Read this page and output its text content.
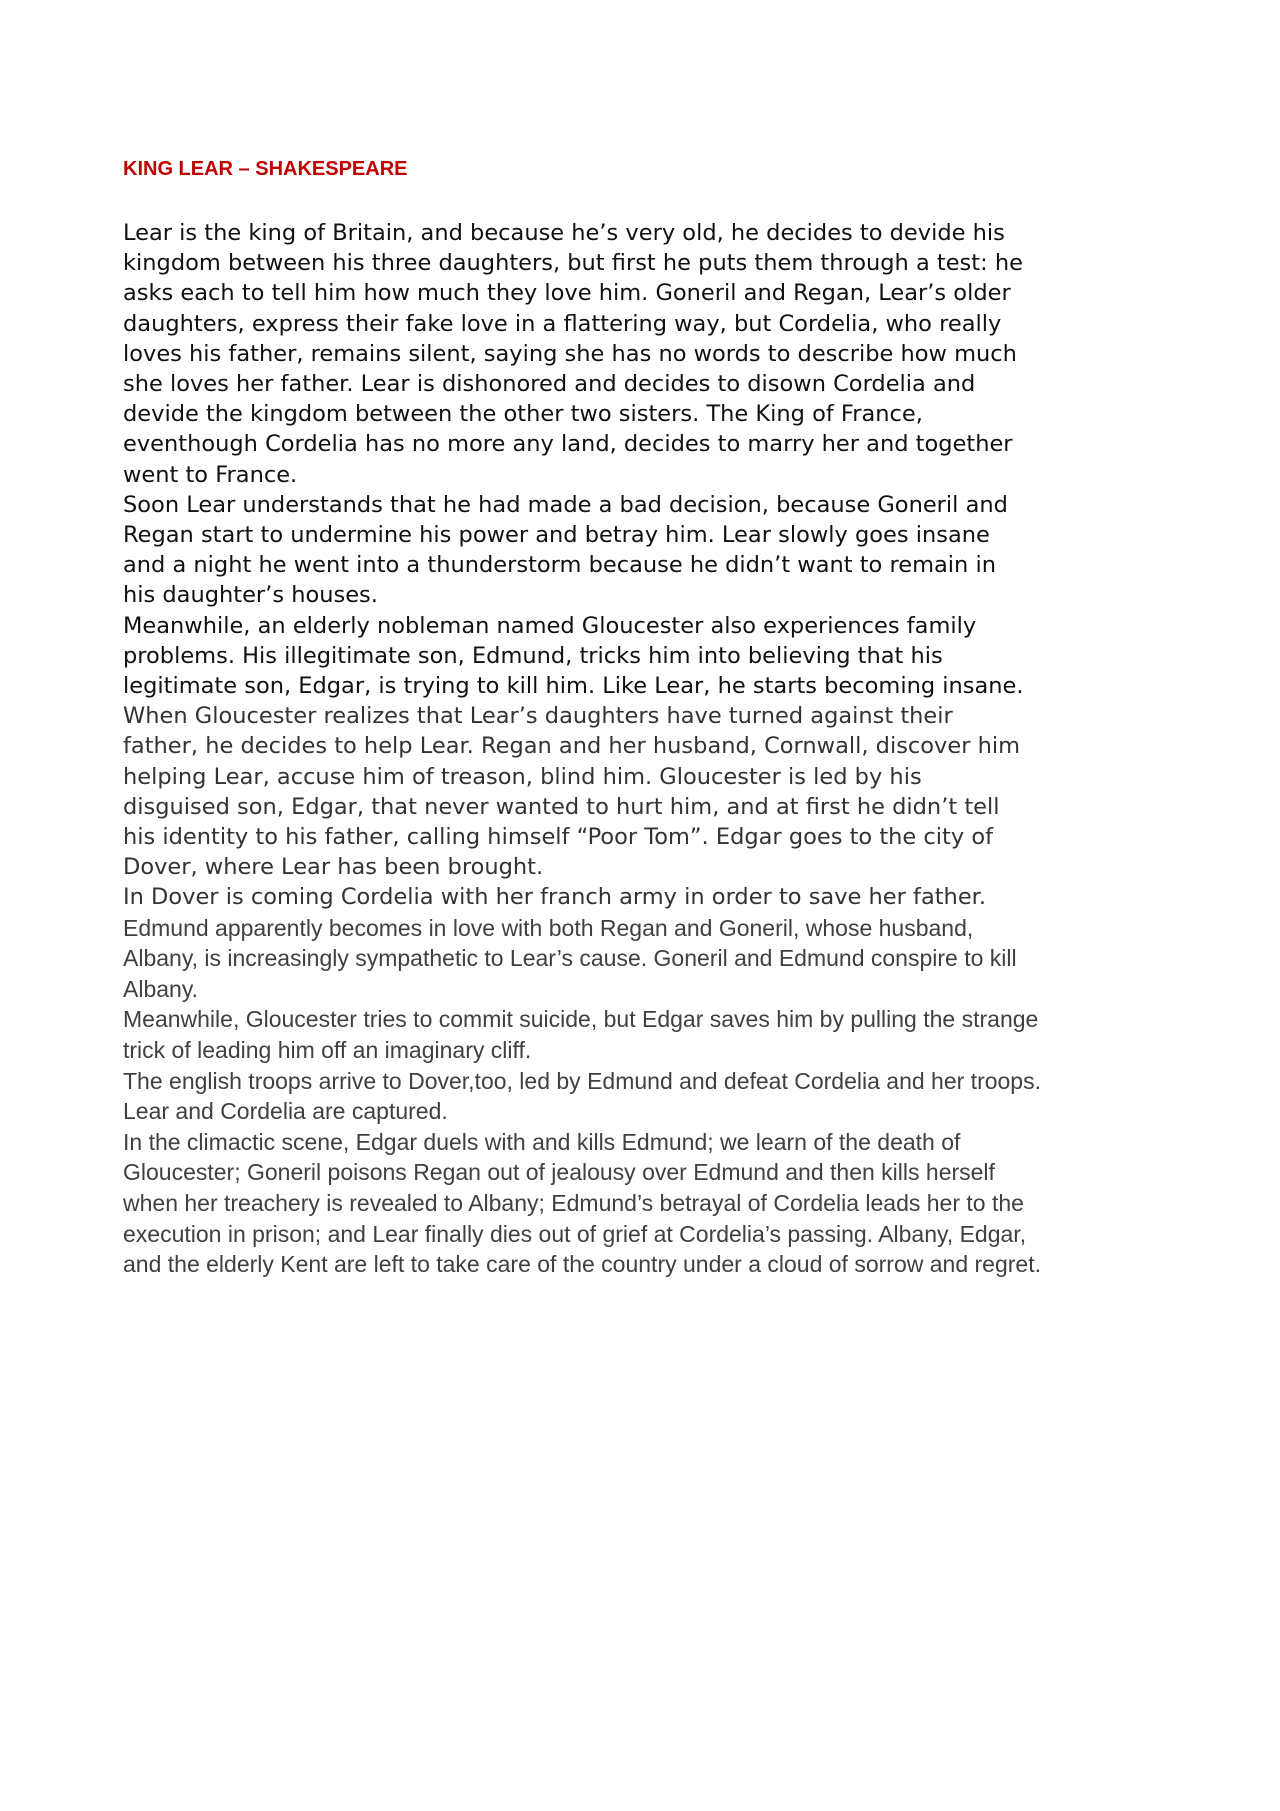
KING LEAR – SHAKESPEARE
Lear is the king of Britain, and because he’s very old, he decides to devide his
kingdom between his three daughters, but first he puts them through a test: he
asks each to tell him how much they love him. Goneril and Regan, Lear’s older
daughters, express their fake love in a flattering way, but Cordelia, who really
loves his father, remains silent, saying she has no words to describe how much
she loves her father. Lear is dishonored and decides to disown Cordelia and
devide the kingdom between the other two sisters. The King of France,
eventhough Cordelia has no more any land, decides to marry her and together
went to France.
Soon Lear understands that he had made a bad decision, because Goneril and
Regan start to undermine his power and betray him. Lear slowly goes insane
and a night he went into a thunderstorm because he didn’t want to remain in
his daughter’s houses.
Meanwhile, an elderly nobleman named Gloucester also experiences family
problems. His illegitimate son, Edmund, tricks him into believing that his
legitimate son, Edgar, is trying to kill him. Like Lear, he starts becoming insane.
When Gloucester realizes that Lear’s daughters have turned against their
father, he decides to help Lear. Regan and her husband, Cornwall, discover him
helping Lear, accuse him of treason, blind him. Gloucester is led by his
disguised son, Edgar, that never wanted to hurt him, and at first he didn’t tell
his identity to his father, calling himself “Poor Tom”. Edgar goes to the city of
Dover, where Lear has been brought.
In Dover is coming Cordelia with her franch army in order to save her father.
Edmund apparently becomes in love with both Regan and Goneril, whose husband,
Albany, is increasingly sympathetic to Lear’s cause. Goneril and Edmund conspire to kill
Albany.
Meanwhile, Gloucester tries to commit suicide, but Edgar saves him by pulling the strange
trick of leading him off an imaginary cliff.
The english troops arrive to Dover,too, led by Edmund and defeat Cordelia and her troops.
Lear and Cordelia are captured.
In the climactic scene, Edgar duels with and kills Edmund; we learn of the death of
Gloucester; Goneril poisons Regan out of jealousy over Edmund and then kills herself
when her treachery is revealed to Albany; Edmund’s betrayal of Cordelia leads her to the
execution in prison; and Lear finally dies out of grief at Cordelia’s passing. Albany, Edgar,
and the elderly Kent are left to take care of the country under a cloud of sorrow and regret.
